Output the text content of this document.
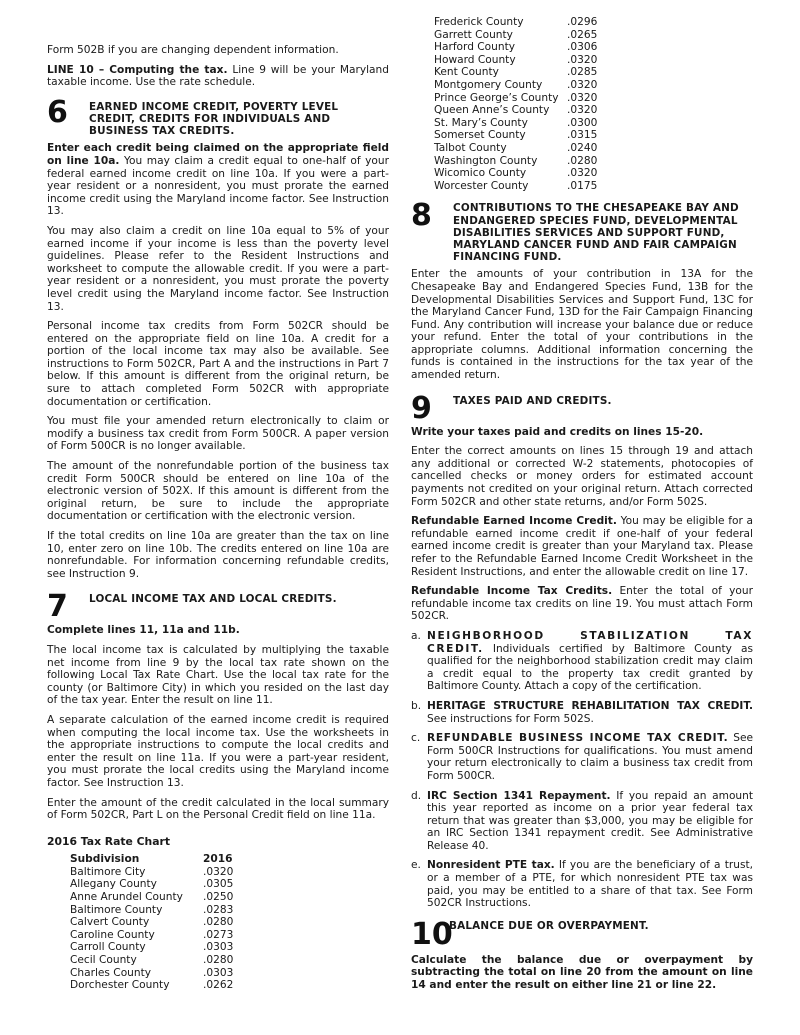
Form 502B if you are changing dependent information.

LINE 10 – Computing the tax. Line 9 will be your Maryland taxable income. Use the rate schedule.

6	EARNED INCOME CREDIT, POVERTY LEVEL CREDIT, CREDITS FOR INDIVIDUALS AND BUSINESS TAX CREDITS.

Enter each credit being claimed on the appropriate field on line 10a. You may claim a credit equal to one-half of your federal earned income credit on line 10a. If you were a part-year resident or a nonresident, you must prorate the earned income credit using the Maryland income factor. See Instruction 13.

You may also claim a credit on line 10a equal to 5% of your earned income if your income is less than the poverty level guidelines. Please refer to the Resident Instructions and worksheet to compute the allowable credit. If you were a part-year resident or a nonresident, you must prorate the poverty level credit using the Maryland income factor. See Instruction 13.

Personal income tax credits from Form 502CR should be entered on the appropriate field on line 10a. A credit for a portion of the local income tax may also be available. See instructions to Form 502CR, Part A and the instructions in Part 7 below. If this amount is different from the original return, be sure to attach completed Form 502CR with appropriate documentation or certification.

You must file your amended return electronically to claim or modify a business tax credit from Form 500CR. A paper version of Form 500CR is no longer available.

The amount of the nonrefundable portion of the business tax credit Form 500CR should be entered on line 10a of the electronic version of 502X. If this amount is different from the original return, be sure to include the appropriate documentation or certification with the electronic version.

If the total credits on line 10a are greater than the tax on line 10, enter zero on line 10b. The credits entered on line 10a are nonrefundable. For information concerning refundable credits, see Instruction 9.

7	LOCAL INCOME TAX AND LOCAL CREDITS.

Complete lines 11, 11a and 11b.

The local income tax is calculated by multiplying the taxable net income from line 9 by the local tax rate shown on the following Local Tax Rate Chart. Use the local tax rate for the county (or Baltimore City) in which you resided on the last day of the tax year. Enter the result on line 11.

A separate calculation of the earned income credit is required when computing the local income tax. Use the worksheets in the appropriate instructions to compute the local credits and enter the result on line 11a. If you were a part-year resident, you must prorate the local credits using the Maryland income factor. See Instruction 13.

Enter the amount of the credit calculated in the local summary of Form 502CR, Part L on the Personal Credit field on line 11a.

2016 Tax Rate Chart

Subdivision	2016
Baltimore City	.0320
Allegany County	.0305
Anne Arundel County	.0250
Baltimore County	.0283
Calvert County	.0280
Caroline County	.0273
Carroll County	.0303
Cecil County	.0280
Charles County	.0303
Dorchester County	.0262
Frederick County	.0296
Garrett County	.0265
Harford County	.0306
Howard County	.0320
Kent County	.0285
Montgomery County	.0320
Prince George’s County	.0320
Queen Anne’s County	.0320
St. Mary’s County	.0300
Somerset County	.0315
Talbot County	.0240
Washington County	.0280
Wicomico County	.0320
Worcester County	.0175
8	CONTRIBUTIONS TO THE CHESAPEAKE BAY AND ENDANGERED SPECIES FUND, DEVELOPMENTAL DISABILITIES SERVICES AND SUPPORT FUND, MARYLAND CANCER FUND AND FAIR CAMPAIGN FINANCING FUND.

Enter the amounts of your contribution in 13A for the Chesapeake Bay and Endangered Species Fund, 13B for the Developmental Disabilities Services and Support Fund, 13C for the Maryland Cancer Fund, 13D for the Fair Campaign Financing Fund. Any contribution will increase your balance due or reduce your refund. Enter the total of your contributions in the appropriate columns. Additional information concerning the funds is contained in the instructions for the tax year of the amended return.

9	TAXES PAID AND CREDITS.

Write your taxes paid and credits on lines 15-20.

Enter the correct amounts on lines 15 through 19 and attach any additional or corrected W-2 statements, photocopies of cancelled checks or money orders for estimated account payments not credited on your original return. Attach corrected Form 502CR and other state returns, and/or Form 502S.

Refundable Earned Income Credit. You may be eligible for a refundable earned income credit if one-half of your federal earned income credit is greater than your Maryland tax. Please refer to the Refundable Earned Income Credit Worksheet in the Resident Instructions, and enter the allowable credit on line 17.

Refundable Income Tax Credits. Enter the total of your refundable income tax credits on line 19. You must attach Form 502CR.

a. NEIGHBORHOOD STABILIZATION TAX CREDIT. Individuals certified by Baltimore County as qualified for the neighborhood stabilization credit may claim a credit equal to the property tax credit granted by Baltimore County. Attach a copy of the certification.

b. HERITAGE STRUCTURE REHABILITATION TAX CREDIT. See instructions for Form 502S.

c. REFUNDABLE BUSINESS INCOME TAX CREDIT. See Form 500CR Instructions for qualifications. You must amend your return electronically to claim a business tax credit from Form 500CR.

d. IRC Section 1341 Repayment. If you repaid an amount this year reported as income on a prior year federal tax return that was greater than $3,000, you may be eligible for an IRC Section 1341 repayment credit. See Administrative Release 40.

e. Nonresident PTE tax. If you are the beneficiary of a trust, or a member of a PTE, for which nonresident PTE tax was paid, you may be entitled to a share of that tax. See Form 502CR Instructions.

10
BALANCE DUE OR OVERPAYMENT.

Calculate the balance due or overpayment by subtracting the total on line 20 from the amount on line 14 and enter the result on either line 21 or line 22.
